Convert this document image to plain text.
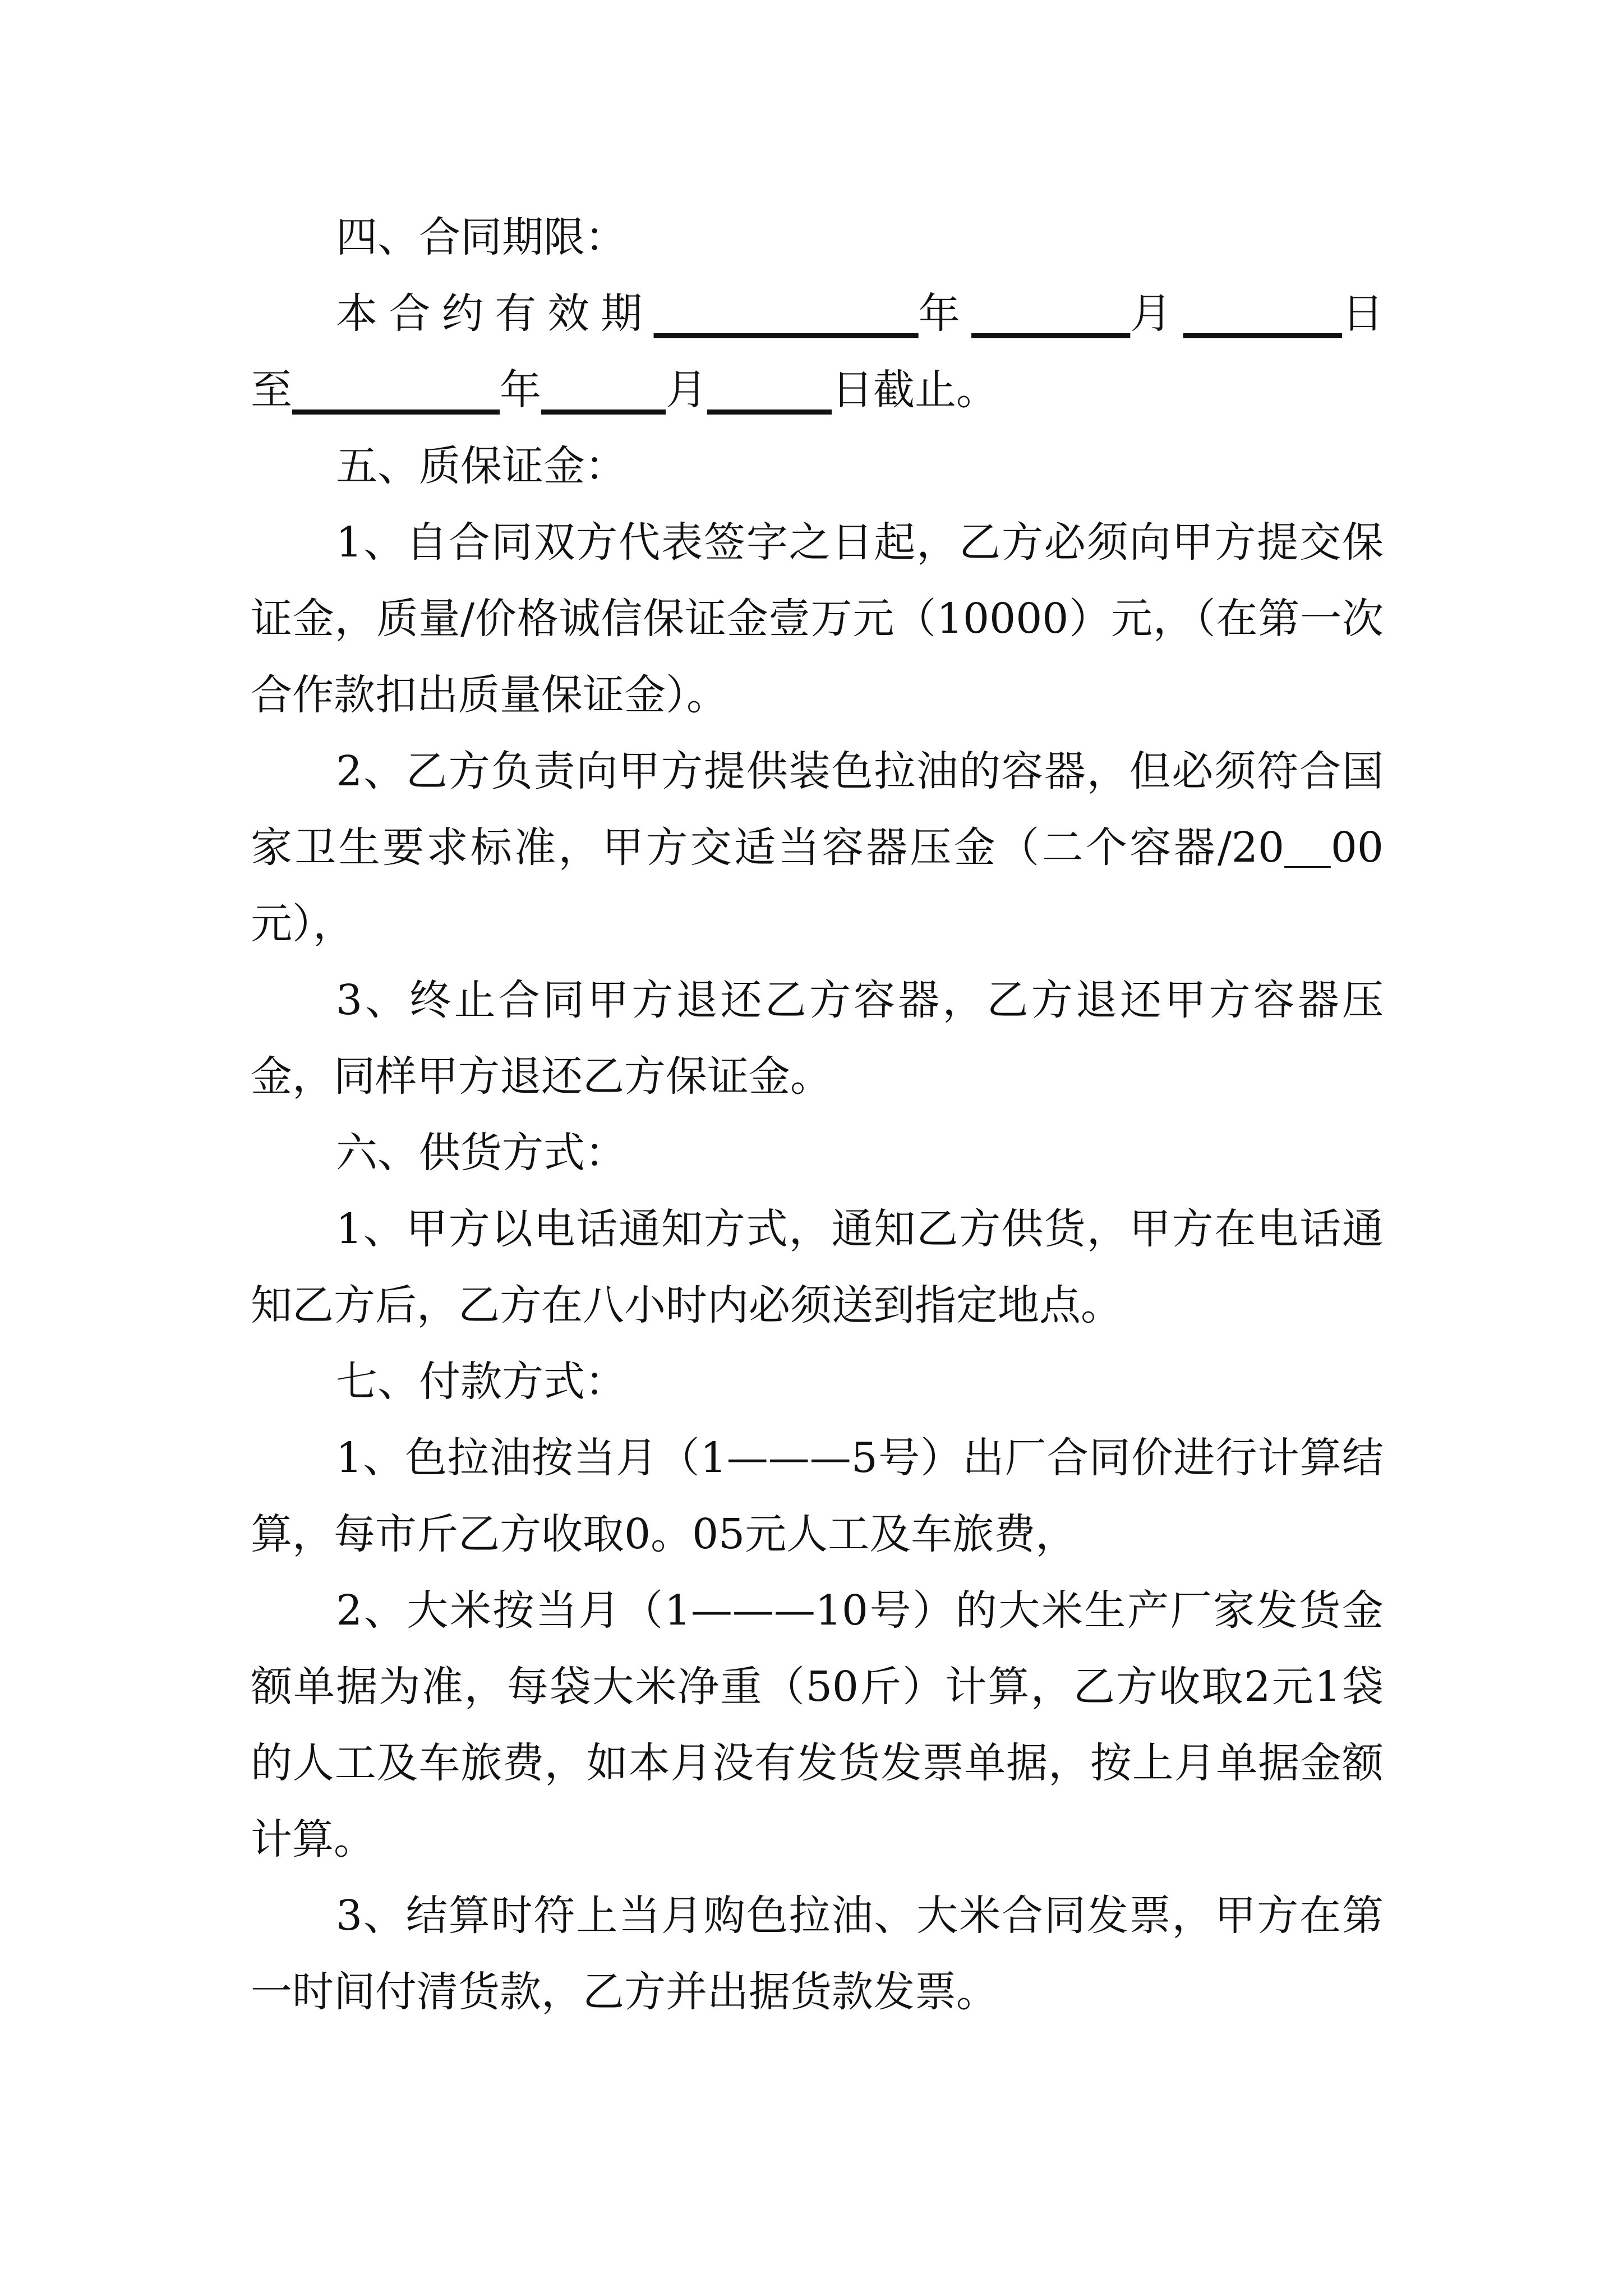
四、合同期限：

本合约有效期　　　　　	年　　　	月　　　	日至　　　　　	年　　　	月　　　	日截止。

五、质保证金：

1、自合同双方代表签字之日起，乙方必须向甲方提交保证金，质量/价格诚信保证金壹万元（10000）元，（在第一次合作款扣出质量保证金）。

2、乙方负责向甲方提供装色拉油的容器，但必须符合国家卫生要求标准，甲方交适当容器压金（二个容器/20　 00元），

3、终止合同甲方退还乙方容器，乙方退还甲方容器压金，同样甲方退还乙方保证金。

六、供货方式：

1、甲方以电话通知方式，通知乙方供货，甲方在电话通知乙方后，乙方在八小时内必须送到指定地点。

七、付款方式：

1、色拉油按当月（1———5号）出厂合同价进行计算结算，每市斤乙方收取0。05元人工及车旅费，

2、大米按当月（1———10号）的大米生产厂家发货金额单据为准，每袋大米净重（50斤）计算，乙方收取2元1袋的人工及车旅费，如本月没有发货发票单据，按上月单据金额计算。

3、结算时符上当月购色拉油、大米合同发票，甲方在第一时间付清货款，乙方并出据货款发票。
